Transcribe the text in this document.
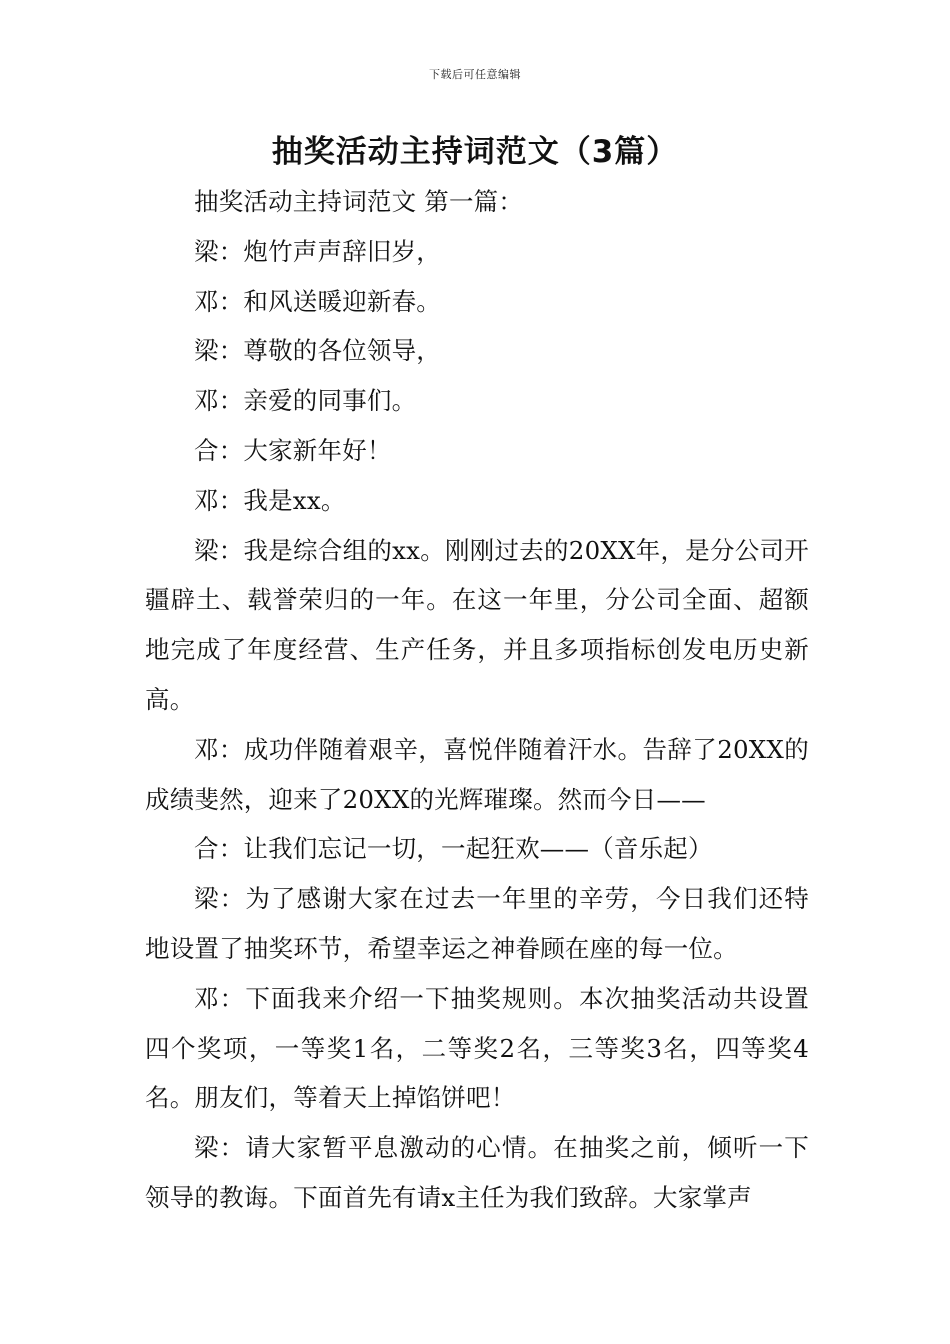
下载后可任意编辑
抽奖活动主持词范文（3篇）

抽奖活动主持词范文 第一篇：

梁：炮竹声声辞旧岁，

邓：和风送暖迎新春。

梁：尊敬的各位领导，

邓：亲爱的同事们。

合：大家新年好！

邓：我是xx。

梁：我是综合组的xx。刚刚过去的20XX年，是分公司开疆辟土、载誉荣归的一年。在这一年里，分公司全面、超额地完成了年度经营、生产任务，并且多项指标创发电历史新高。

邓：成功伴随着艰辛，喜悦伴随着汗水。告辞了20XX的成绩斐然，迎来了20XX的光辉璀璨。然而今日——

合：让我们忘记一切，一起狂欢——（音乐起）

梁：为了感谢大家在过去一年里的辛劳，今日我们还特地设置了抽奖环节，希望幸运之神眷顾在座的每一位。

邓：下面我来介绍一下抽奖规则。本次抽奖活动共设置四个奖项，一等奖1名，二等奖2名，三等奖3名，四等奖4名。朋友们，等着天上掉馅饼吧！

梁：请大家暂平息激动的心情。在抽奖之前，倾听一下领导的教诲。下面首先有请x主任为我们致辞。大家掌声
